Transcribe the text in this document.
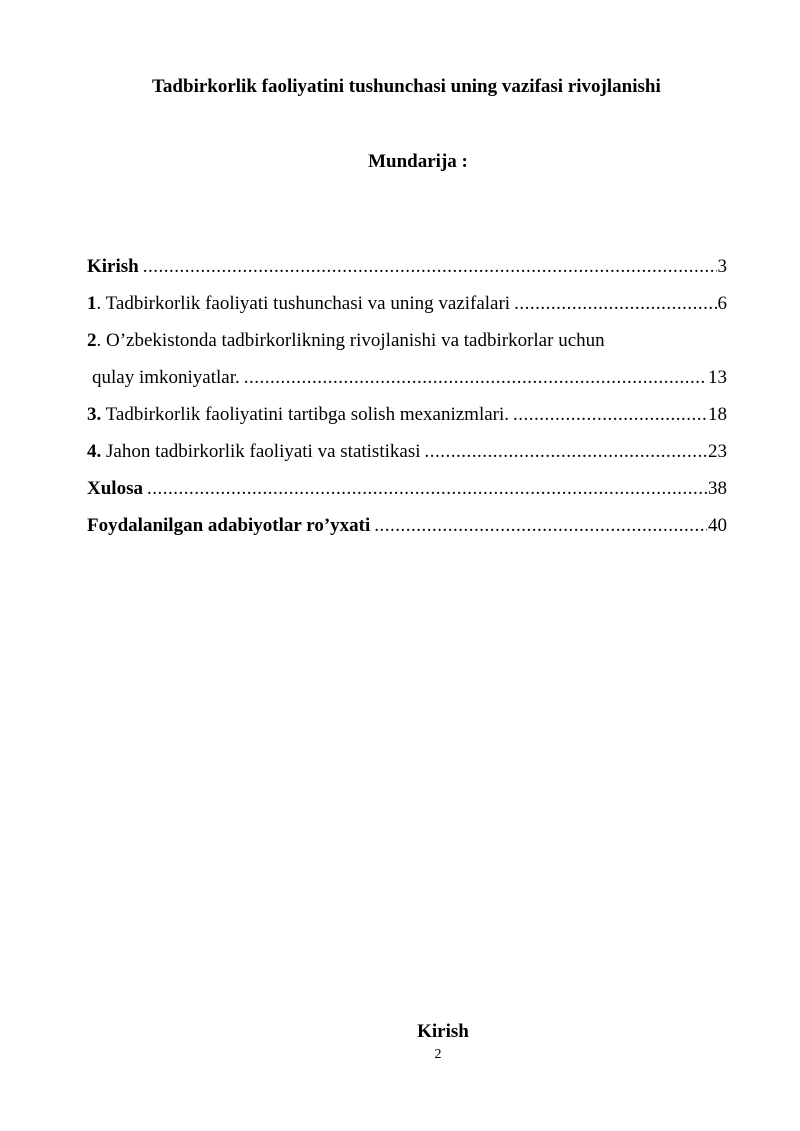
Tadbirkorlik faoliyatini tushunchasi uning vazifasi rivojlanishi
Mundarija :
Kirish .....	3
1. Tadbirkorlik faoliyati tushunchasi va uning vazifalari .....	6
2. O’zbekistonda tadbirkorlikning rivojlanishi va tadbirkorlar uchun
qulay imkoniyatlar. .....	13
3. Tadbirkorlik faoliyatini tartibga solish mexanizmlari. .....	18
4. Jahon tadbirkorlik faoliyati va statistikasi .....	23
Xulosa .....	38
Foydalanilgan adabiyotlar ro’yxati .....	40
Kirish
2
